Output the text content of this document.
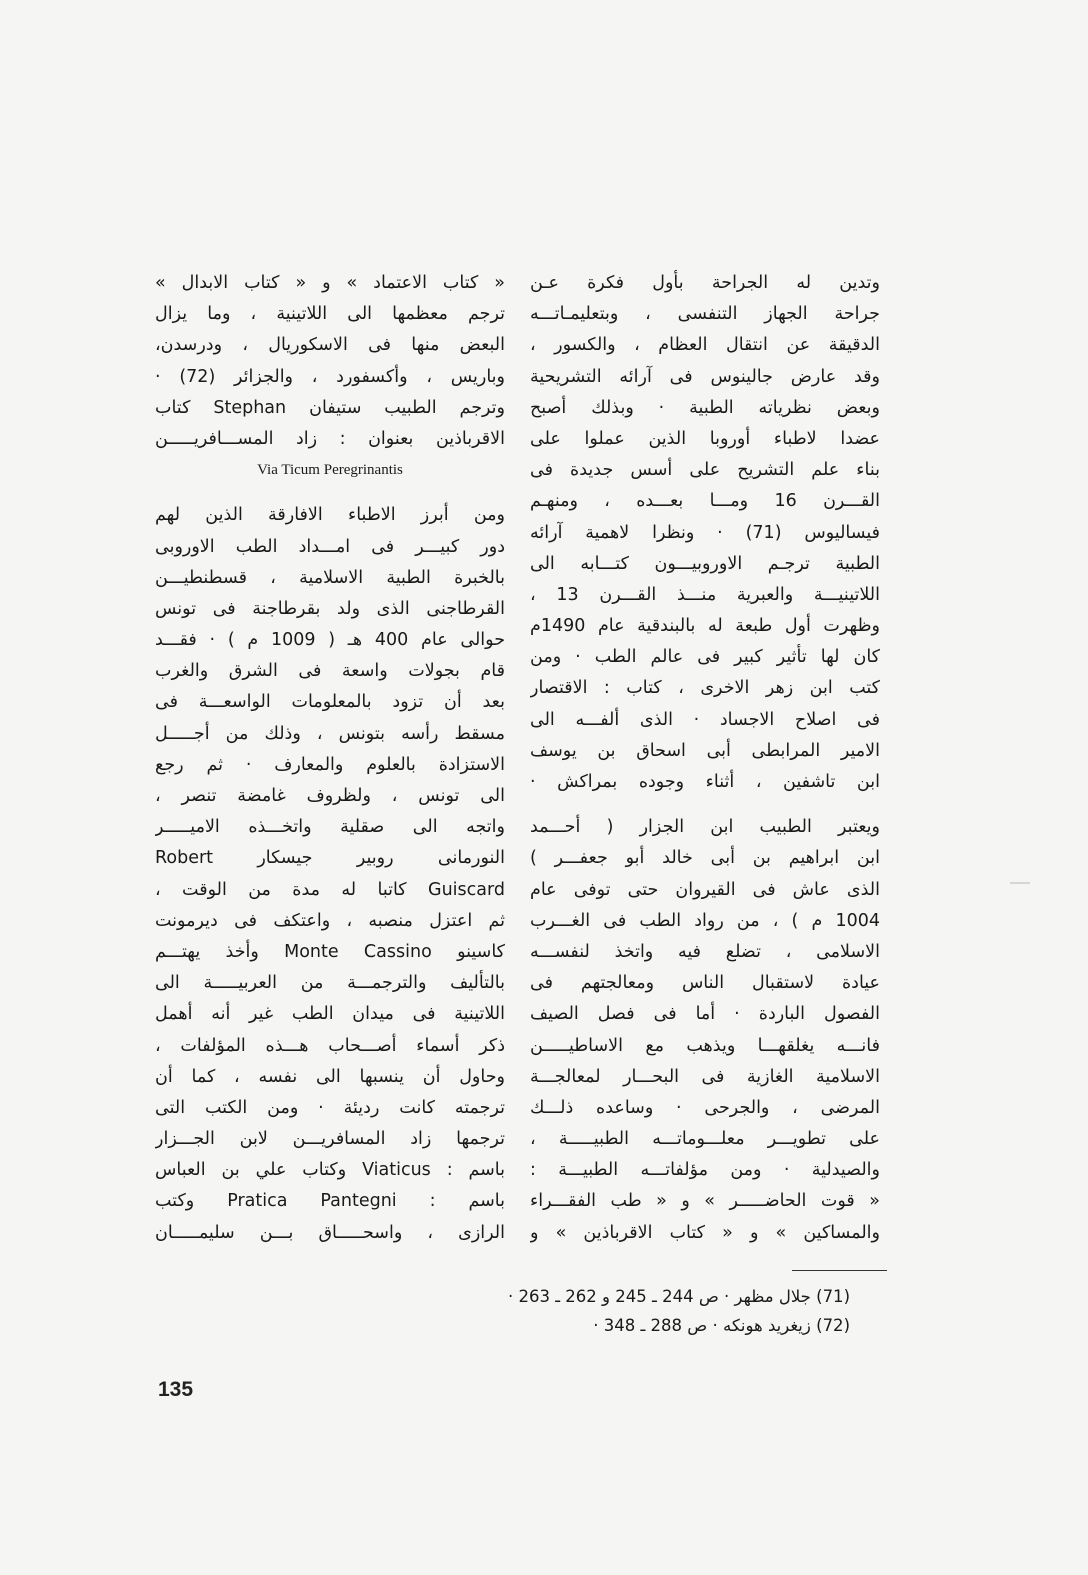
وتدين له الجراحة بأول فكرة عـن
جراحة الجهاز التنفسى ، وبتعليمـاتـــه
الدقيقة عن انتقال العظام ، والكسور ،
وقد عارض جالينوس فى آرائه التشريحية
وبعض نظرياته الطبية · وبذلك أصبح
عضدا لاطباء أوروبا الذين عملوا على
بناء علم التشريح على أسس جديدة فى
القـــرن 16 ومـــا بعـــده ، ومنهـم
فيساليوس (71) · ونظرا لاهمية آرائه
الطبية ترجـم الاوروبيـــون كتـــابه الى
اللاتينيـــة والعبرية منـــذ القـــرن 13 ،
وظهرت أول طبعة له بالبندقية عام 1490م
كان لها تأثير كبير فى عالم الطب · ومن
كتب ابن زهر الاخرى ، كتاب : الاقتصار
فى اصلاح الاجساد · الذى ألفـــه الى
الامير المرابطى أبى اسحاق بن يوسف
ابن تاشفين ، أثناء وجوده بمراكش ·
ويعتبر الطبيب ابن الجزار ( أحـــمد
ابن ابراهيم بن أبى خالد أبو جعفـــر )
الذى عاش فى القيروان حتى توفى عام
1004 م ) ، من رواد الطب فى الغـــرب
الاسلامى ، تضلع فيه واتخذ لنفســـه
عيادة لاستقبال الناس ومعالجتهم فى
الفصول الباردة · أما فى فصل الصيف
فانـــه يغلقهـــا ويذهب مع الاساطيـــــن
الاسلامية الغازية فى البحـــار لمعالجـــة
المرضى ، والجرحى · وساعده ذلـــك
على تطويـــر معلـــوماتـــه الطبيـــــة ،
والصيدلية · ومن مؤلفاتـــه الطبيـــة :
« قوت الحاضـــــر » و « طب الفقـــراء
والمساكين » و « كتاب الاقرباذين » و
« كتاب الاعتماد » و « كتاب الابدال »
ترجم معظمها الى اللاتينية ، وما يزال
البعض منها فى الاسكوريال ، ودرسدن،
وباريس ، وأكسفورد ، والجزائر (72) ·
وترجم الطبيب ستيفان Stephan كتاب
الاقرباذين بعنوان : زاد المســـافريـــــن
Via Ticum Peregrinantis
ومن أبرز الاطباء الافارقة الذين لهم
دور كبيـــر فى امـــداد الطب الاوروبى
بالخبرة الطبية الاسلامية ، قسطنطيـــن
القرطاجنى الذى ولد بقرطاجنة فى تونس
حوالى عام 400 هـ ( 1009 م ) · فقـــد
قام بجولات واسعة فى الشرق والغرب
بعد أن تزود بالمعلومات الواسعـــة فى
مسقط رأسه بتونس ، وذلك من أجـــــل
الاستزادة بالعلوم والمعارف · ثم رجع
الى تونس ، ولظروف غامضة تنصر ،
واتجه الى صقلية واتخـــذه الاميـــــر
النورمانى روبير جيسكار Robert
Guiscard كاتبا له مدة من الوقت ،
ثم اعتزل منصبه ، واعتكف فى ديرمونت
كاسينو Monte Cassino وأخذ يهتـــم
بالتأليف والترجمـــة من العربيـــــة الى
اللاتينية فى ميدان الطب غير أنه أهمل
ذكر أسماء أصـــحاب هـــذه المؤلفات ،
وحاول أن ينسبها الى نفسه ، كما أن
ترجمته كانت رديئة · ومن الكتب التى
ترجمها زاد المسافريـــن لابن الجـــزار
باسم : Viaticus وكتاب علي بن العباس
باسم : Pratica Pantegni وكتب
الرازى ، واسحـــــاق بـــن سليمـــــان
(71) جلال مظهر · ص 244 ـ 245 و 262 ـ 263 ·
(72) زيغريد هونكه · ص 288 ـ 348 ·
135
